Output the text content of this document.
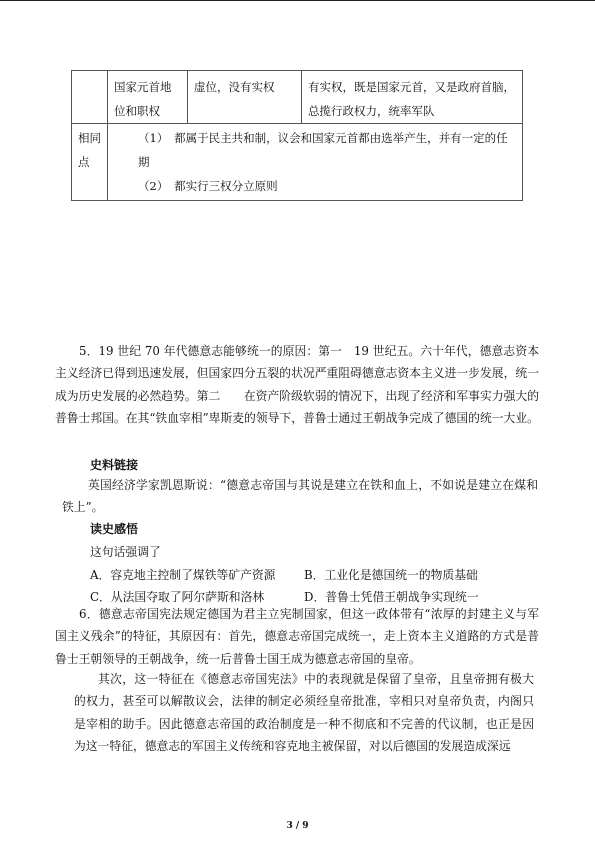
	国家元首地位和职权	虚位，没有实权	有实权，既是国家元首，又是政府首脑，总揽行政权力，统率军队
相同点	（1）　都属于民主共和制，议会和国家元首都由选举产生，并有一定的任期
（2）　都实行三权分立原则		

5．19 世纪 70 年代德意志能够统一的原因：第一　19 世纪五。六十年代，德意志资本主义经济已得到迅速发展，但国家四分五裂的状况严重阻碍德意志资本主义进一步发展，统一成为历史发展的必然趋势。第二　　在资产阶级软弱的情况下，出现了经济和军事实力强大的普鲁士邦国。在其“铁血宰相”卑斯麦的领导下，普鲁士通过王朝战争完成了德国的统一大业。

史料链接

英国经济学家凯恩斯说：“德意志帝国与其说是建立在铁和血上，不如说是建立在煤和铁上”。

读史感悟
这句话强调了
A．容克地主控制了煤铁等矿产资源 B．工业化是德国统一的物质基础
C．从法国夺取了阿尔萨斯和洛林	D．普鲁士凭借王朝战争实现统一

6．德意志帝国宪法规定德国为君主立宪制国家，但这一政体带有“浓厚的封建主义与军国主义残余”的特征，其原因有：首先，德意志帝国完成统一，走上资本主义道路的方式是普鲁士王朝领导的王朝战争，统一后普鲁士国王成为德意志帝国的皇帝。

其次，这一特征在《德意志帝国宪法》中的表现就是保留了皇帝，且皇帝拥有极大的权力，甚至可以解散议会，法律的制定必须经皇帝批准，宰相只对皇帝负责，内阁只是宰相的助手。因此德意志帝国的政治制度是一种不彻底和不完善的代议制，也正是因为这一特征，德意志的军国主义传统和容克地主被保留，对以后德国的发展造成深远

3 / 9
